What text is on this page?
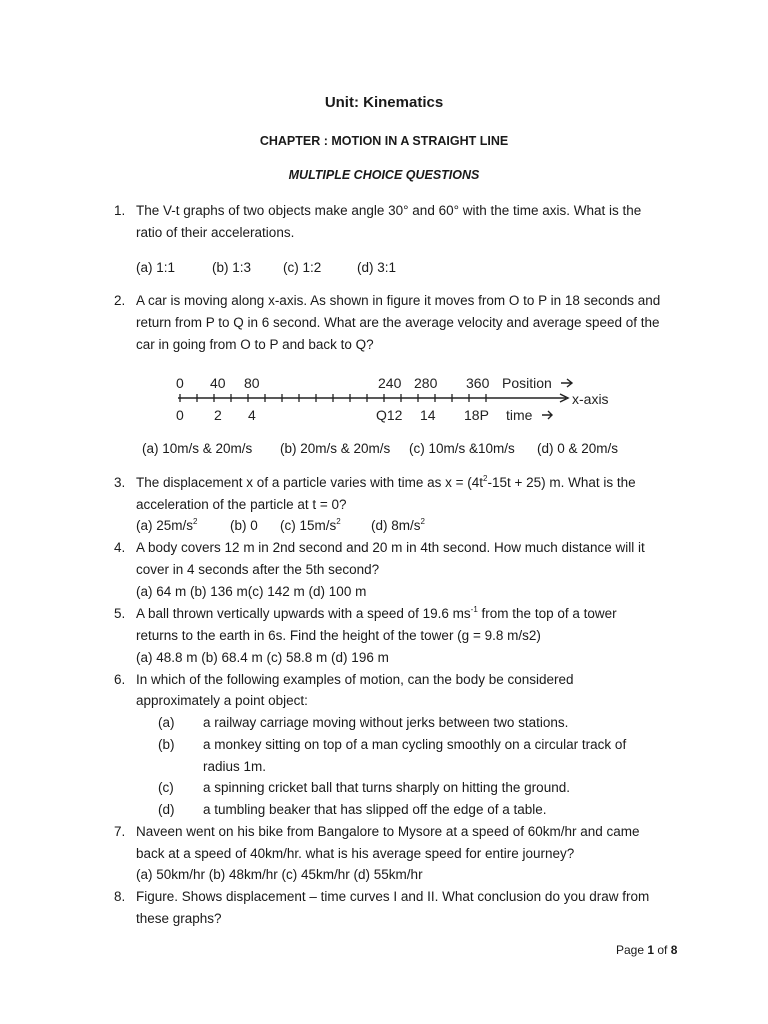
Unit: Kinematics
CHAPTER : MOTION IN A STRAIGHT LINE
MULTIPLE CHOICE QUESTIONS
1. The V-t graphs of two objects make angle 30° and 60° with the time axis. What is the
ratio of their accelerations.
(a) 1:1	(b) 1:3 (c) 1:2	(d) 3:1
2. A car is moving along x-axis. As shown in figure it moves from O to P in 18 seconds and
return from P to Q in 6 second. What are the average velocity and average speed of the
car in going from O to P and back to Q?
0 40 80	240 280 360 Position
x-axis
0 2 4	Q12 14 18P time
(a) 10m/s & 20m/s (b) 20m/s & 20m/s (c) 10m/s &10m/s (d) 0 & 20m/s
3. The displacement x of a particle varies with time as $x = (4t^2-15t + 25)$ m. What is the
acceleration of the particle at t = 0?
(a) $25m/s^2$ (b) 0 (c) $15m/s^2$ (d) $8m/s^2$
4. A body covers 12 m in 2nd second and 20 m in 4th second. How much distance will it
cover in 4 seconds after the 5th second?
(a) 64 m (b) 136 m(c) 142 m (d) 100 m
5. A ball thrown vertically upwards with a speed of 19.6 $ms^{-1}$ from the top of a tower
returns to the earth in 6s. Find the height of the tower (g = 9.8 m/s2)
(a) 48.8 m (b) 68.4 m (c) 58.8 m (d) 196 m
6. In which of the following examples of motion, can the body be considered
approximately a point object:
(a) a railway carriage moving without jerks between two stations.
(b) a monkey sitting on top of a man cycling smoothly on a circular track of
radius 1m.
(c) a spinning cricket ball that turns sharply on hitting the ground.
(d) a tumbling beaker that has slipped off the edge of a table.
7. Naveen went on his bike from Bangalore to Mysore at a speed of 60km/hr and came
back at a speed of 40km/hr. what is his average speed for entire journey?
(a) 50km/hr (b) 48km/hr (c) 45km/hr (d) 55km/hr
8. Figure. Shows displacement – time curves I and II. What conclusion do you draw from
these graphs?
Page 1 of 8
